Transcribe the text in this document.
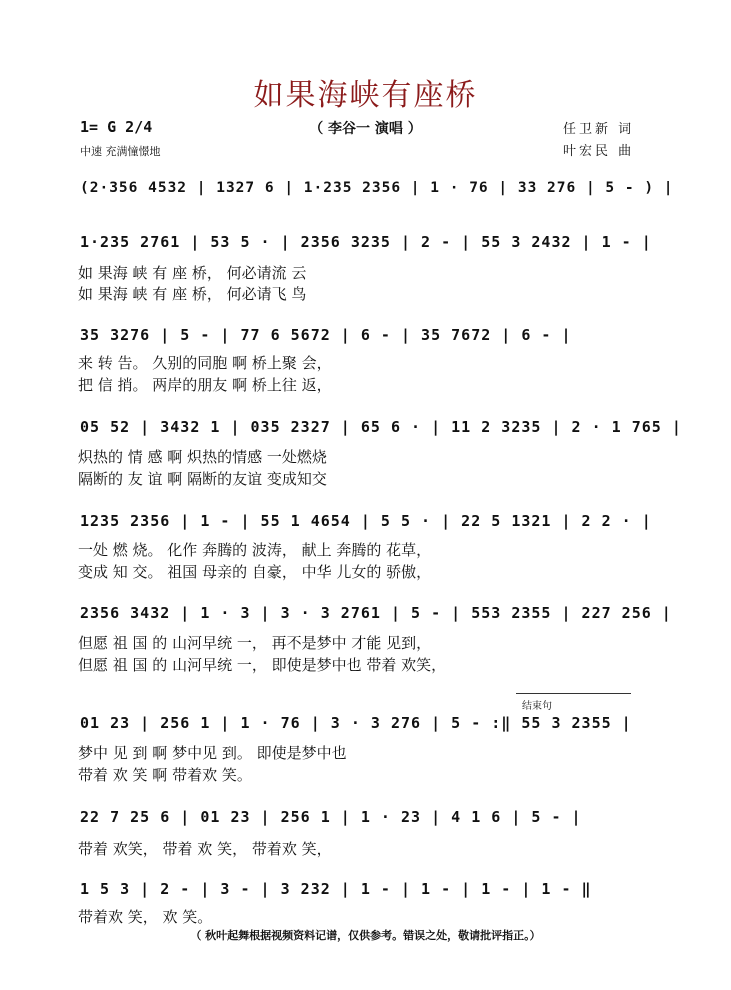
如果海峡有座桥
（ 李谷一 演唱 ）
1= G 2/4
中速 充满憧憬地
任卫新 词
叶宏民 曲
(2·356 4532 | 1327 6 | 1·235 2356 | 1 · 76 | 33 276 | 5 - ) |
1·235 2761 | 53 5 · | 2356 3235 | 2 - | 55 3 2432 | 1 - |
如 果海 峡 有 座 桥， 何必请流 云
如 果海 峡 有 座 桥， 何必请飞 鸟
35 3276 | 5 - | 77 6 5672 | 6 - | 35 7672 | 6 - |
来 转 告。 久别的同胞 啊 桥上聚 会，
把 信 捎。 两岸的朋友 啊 桥上往 返，
05 52 | 3432 1 | 035 2327 | 65 6 · | 11 2 3235 | 2 · 1 765 |
炽热的 情 感 啊 炽热的情感 一处燃烧
隔断的 友 谊 啊 隔断的友谊 变成知交
1235 2356 | 1 - | 55 1 4654 | 5 5 · | 22 5 1321 | 2 2 · |
一处 燃 烧。 化作 奔腾的 波涛， 献上 奔腾的 花草，
变成 知 交。 祖国 母亲的 自豪， 中华 儿女的 骄傲，
2356 3432 | 1 · 3 | 3 · 3 2761 | 5 - | 553 2355 | 227 256 |
但愿 祖 国 的 山河早统 一， 再不是梦中 才能 见到，
但愿 祖 国 的 山河早统 一， 即使是梦中也 带着 欢笑，
结束句
01 23 | 256 1 | 1 · 76 | 3 · 3 276 | 5 - :‖ 55 3 2355 |
梦中 见 到 啊 梦中见 到。 即使是梦中也
带着 欢 笑 啊 带着欢 笑。
22 7 25 6 | 01 23 | 256 1 | 1 · 23 | 4 1 6 | 5 - |
带着 欢笑， 带着 欢 笑， 带着欢 笑，
1 5 3 | 2 - | 3 - | 3 232 | 1 - | 1 - | 1 - | 1 - ‖
带着欢 笑， 欢 笑。
（ 秋叶起舞根据视频资料记谱，仅供参考。错误之处，敬请批评指正。）
